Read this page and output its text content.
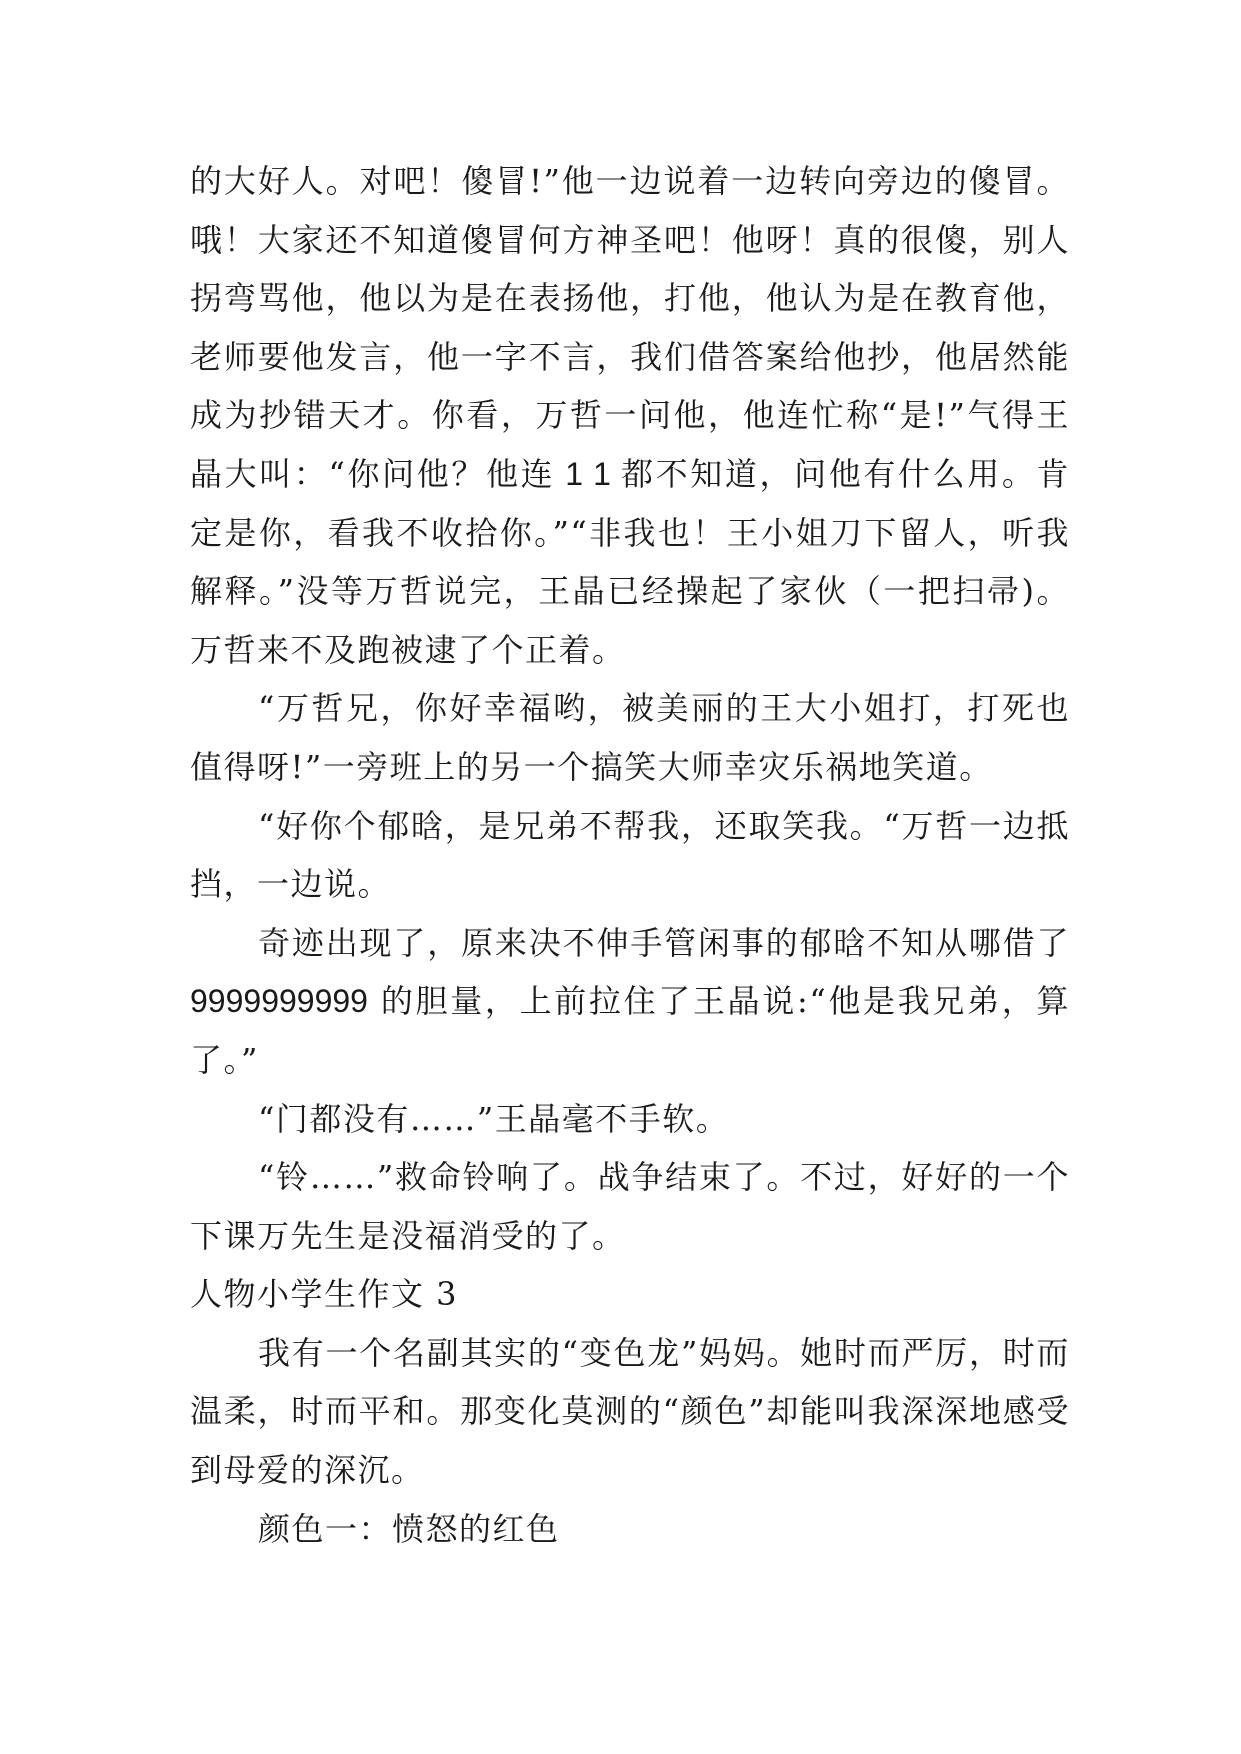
的大好人。对吧！傻冒!”他一边说着一边转向旁边的傻冒。哦！大家还不知道傻冒何方神圣吧！他呀！真的很傻，别人拐弯骂他，他以为是在表扬他，打他，他认为是在教育他，老师要他发言，他一字不言，我们借答案给他抄，他居然能成为抄错天才。你看，万哲一问他，他连忙称“是!”气得王晶大叫：“你问他？他连 1 1 都不知道，问他有什么用。肯定是你，看我不收拾你。”“非我也！王小姐刀下留人，听我解释。”没等万哲说完，王晶已经操起了家伙（一把扫帚)。万哲来不及跑被逮了个正着。

“万哲兄，你好幸福哟，被美丽的王大小姐打，打死也值得呀!”一旁班上的另一个搞笑大师幸灾乐祸地笑道。

“好你个郁晗，是兄弟不帮我，还取笑我。“万哲一边抵挡，一边说。

奇迹出现了，原来决不伸手管闲事的郁晗不知从哪借了9999999999 的胆量，上前拉住了王晶说:“他是我兄弟，算了。”

“门都没有……”王晶毫不手软。

“铃……”救命铃响了。战争结束了。不过，好好的一个下课万先生是没福消受的了。

人物小学生作文 3

我有一个名副其实的“变色龙”妈妈。她时而严厉，时而温柔，时而平和。那变化莫测的“颜色”却能叫我深深地感受到母爱的深沉。

颜色一：愤怒的红色
